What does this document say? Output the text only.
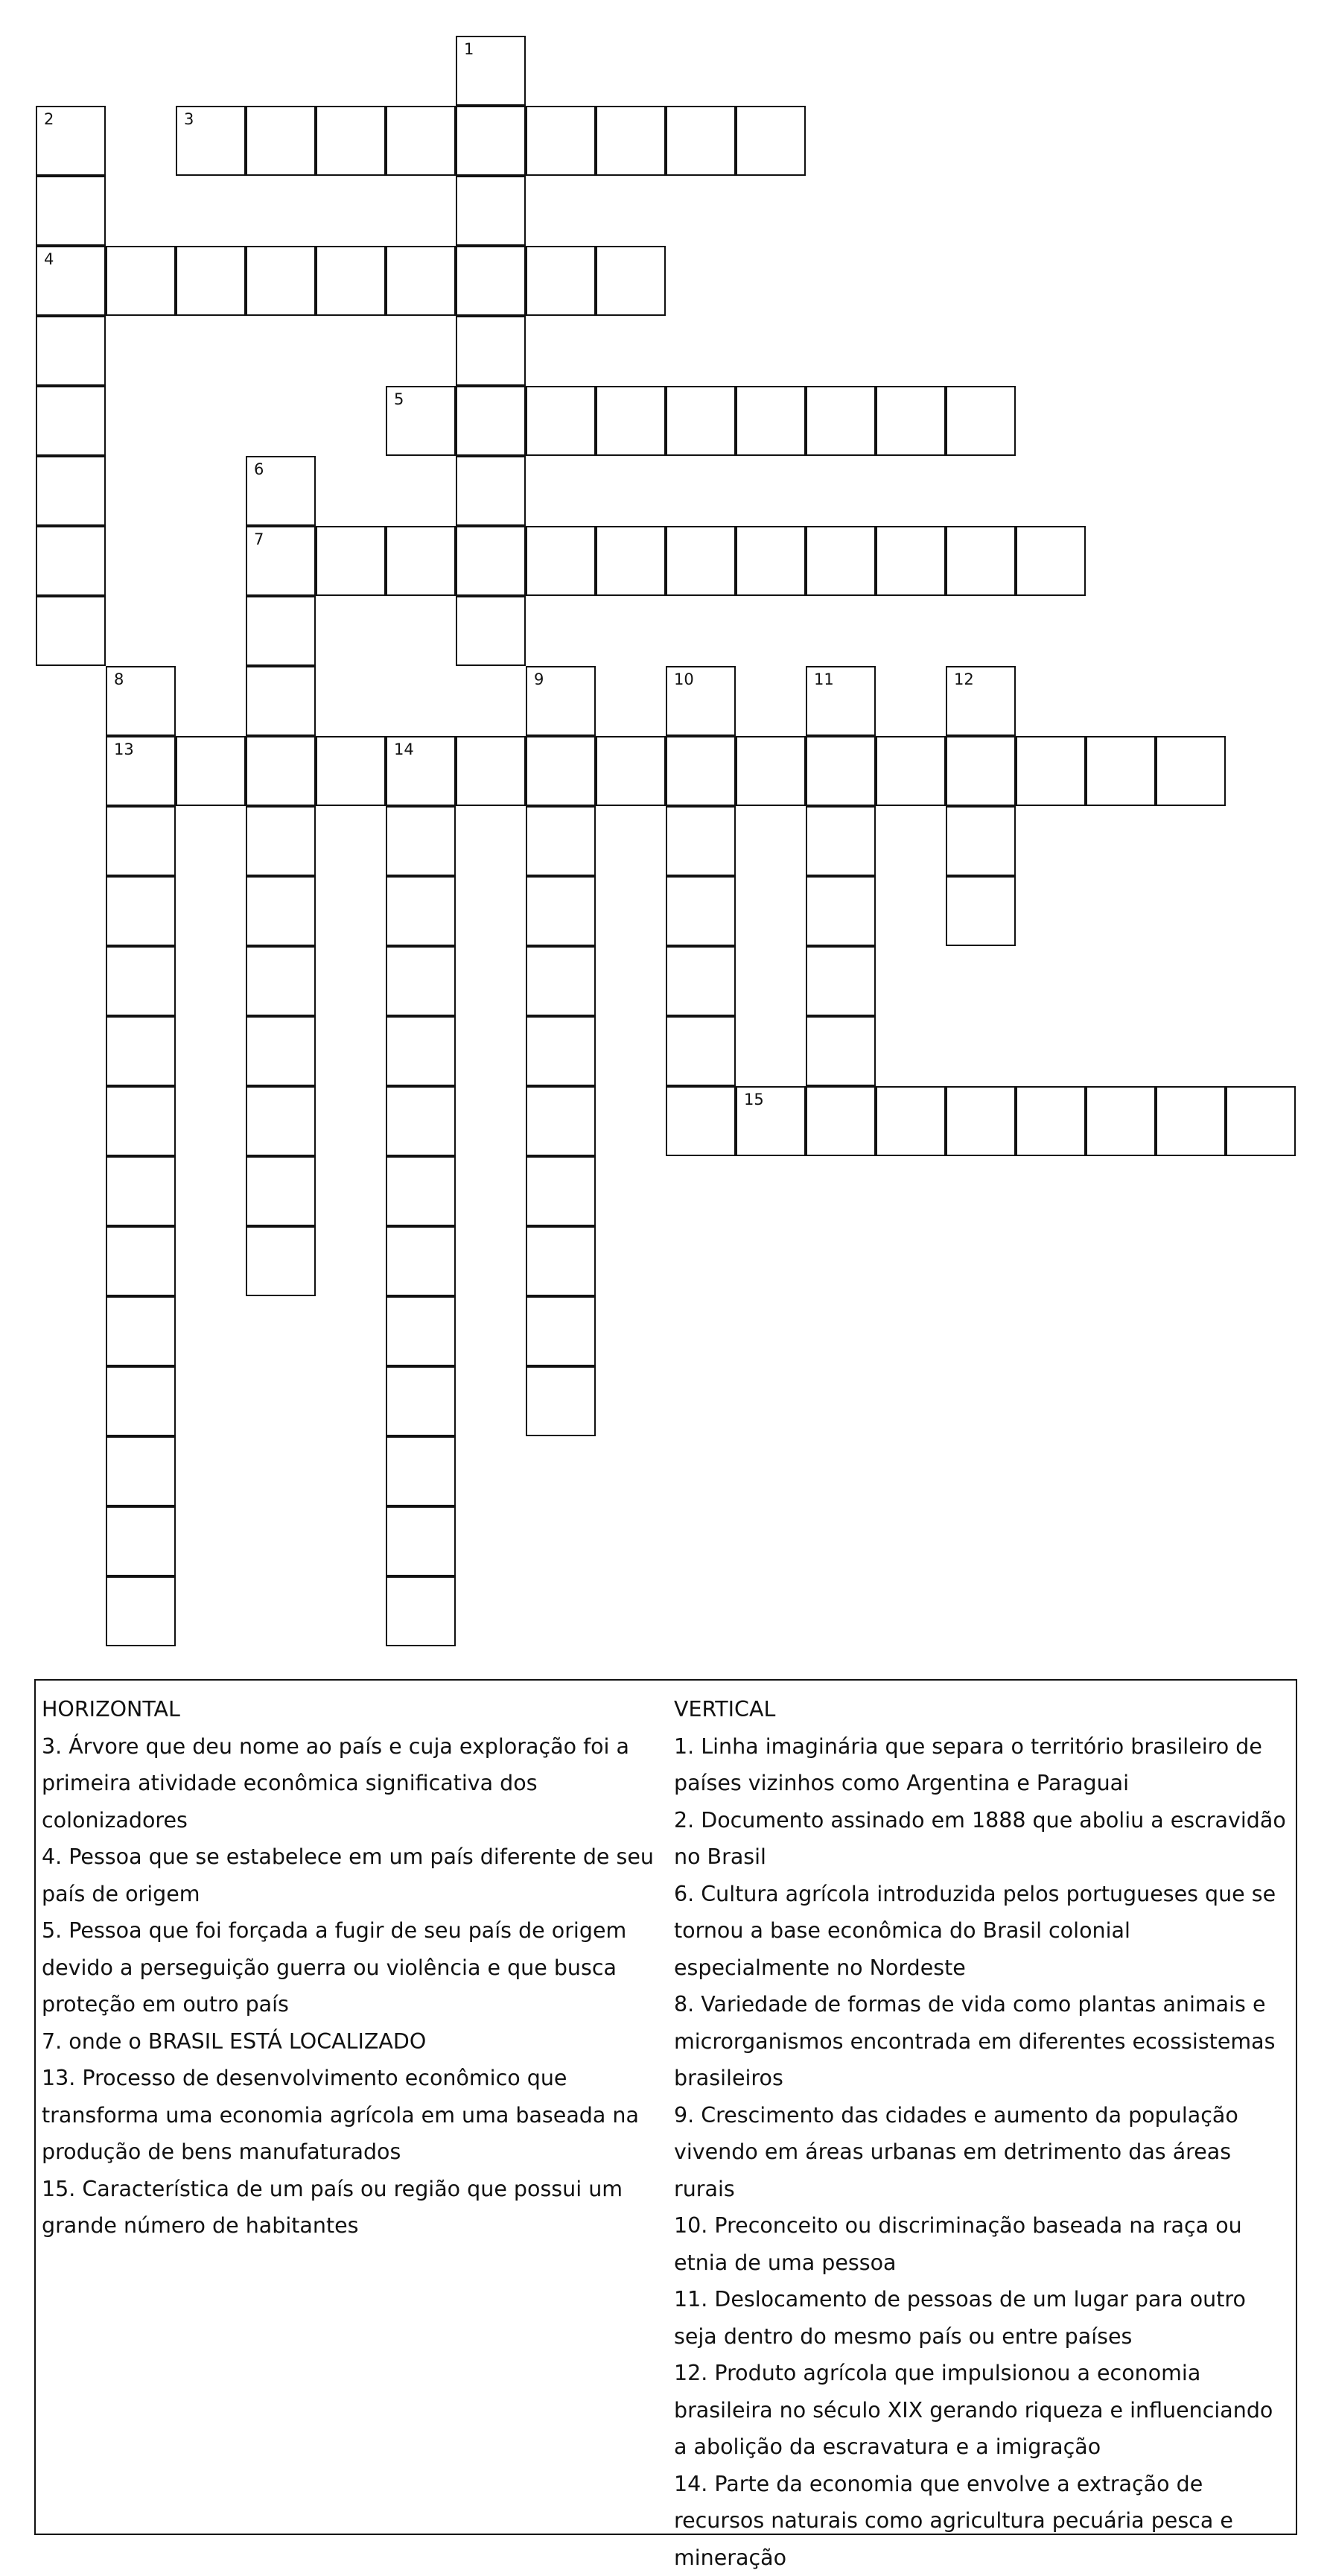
1
2
4
3
5
6
7
8
13
9	10	11	12
14
15
HORIZONTAL
3. Árvore que deu nome ao país e cuja exploração foi a primeira atividade econômica significativa dos colonizadores
4. Pessoa que se estabelece em um país diferente de seu país de origem
5. Pessoa que foi forçada a fugir de seu país de origem devido a perseguição guerra ou violência e que busca proteção em outro país
7. onde o BRASIL ESTÁ LOCALIZADO
13. Processo de desenvolvimento econômico que transforma uma economia agrícola em uma baseada na produção de bens manufaturados
15. Característica de um país ou região que possui um grande número de habitantes
VERTICAL
1. Linha imaginária que separa o território brasileiro de países vizinhos como Argentina e Paraguai
2. Documento assinado em 1888 que aboliu a escravidão no Brasil
6. Cultura agrícola introduzida pelos portugueses que se tornou a base econômica do Brasil colonial especialmente no Nordeste
8. Variedade de formas de vida como plantas animais e microrganismos encontrada em diferentes ecossistemas brasileiros
9. Crescimento das cidades e aumento da população vivendo em áreas urbanas em detrimento das áreas rurais
10. Preconceito ou discriminação baseada na raça ou etnia de uma pessoa
11. Deslocamento de pessoas de um lugar para outro seja dentro do mesmo país ou entre países
12. Produto agrícola que impulsionou a economia brasileira no século XIX gerando riqueza e influenciando a abolição da escravatura e a imigração
14. Parte da economia que envolve a extração de recursos naturais como agricultura pecuária pesca e mineração
